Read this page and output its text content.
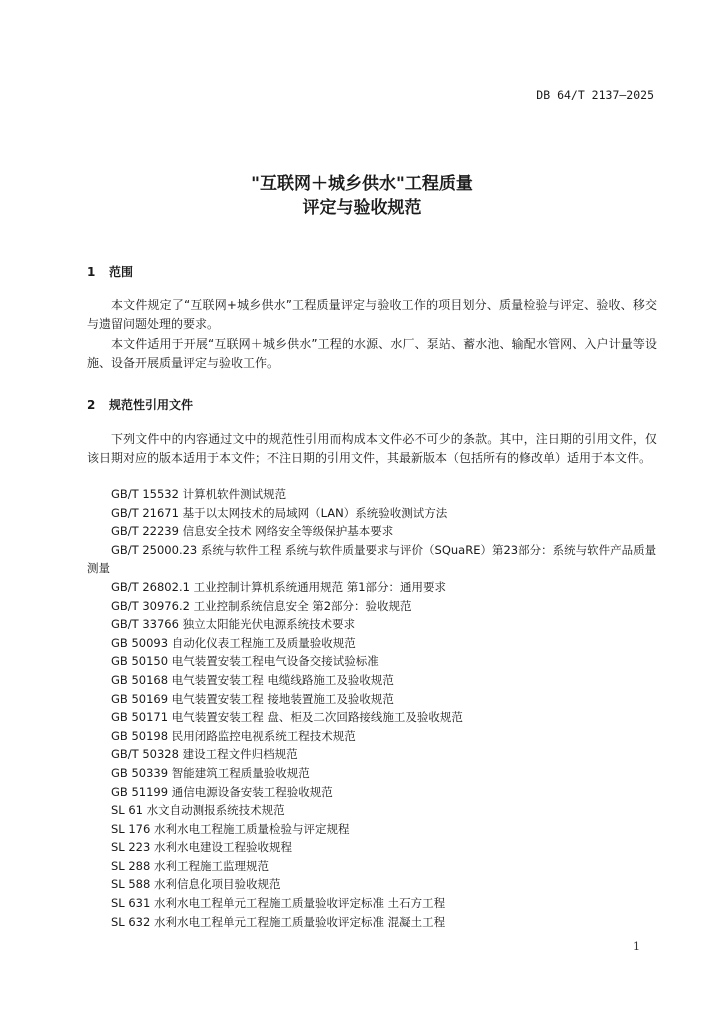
DB 64/T 2137—2025
"互联网＋城乡供水"工程质量
评定与验收规范
1 范围
本文件规定了“互联网+城乡供水”工程质量评定与验收工作的项目划分、质量检验与评定、验收、移交与遗留问题处理的要求。
本文件适用于开展“互联网＋城乡供水”工程的水源、水厂、泵站、蓄水池、输配水管网、入户计量等设施、设备开展质量评定与验收工作。
2 规范性引用文件
下列文件中的内容通过文中的规范性引用而构成本文件必不可少的条款。其中，注日期的引用文件，仅该日期对应的版本适用于本文件；不注日期的引用文件，其最新版本（包括所有的修改单）适用于本文件。
GB/T 15532 计算机软件测试规范
GB/T 21671 基于以太网技术的局域网（LAN）系统验收测试方法
GB/T 22239 信息安全技术 网络安全等级保护基本要求
GB/T 25000.23 系统与软件工程 系统与软件质量要求与评价（SQuaRE）第23部分：系统与软件产品质量测量
GB/T 26802.1 工业控制计算机系统通用规范 第1部分：通用要求
GB/T 30976.2 工业控制系统信息安全 第2部分：验收规范
GB/T 33766 独立太阳能光伏电源系统技术要求
GB 50093 自动化仪表工程施工及质量验收规范
GB 50150 电气装置安装工程电气设备交接试验标准
GB 50168 电气装置安装工程 电缆线路施工及验收规范
GB 50169 电气装置安装工程 接地装置施工及验收规范
GB 50171 电气装置安装工程 盘、柜及二次回路接线施工及验收规范
GB 50198 民用闭路监控电视系统工程技术规范
GB/T 50328 建设工程文件归档规范
GB 50339 智能建筑工程质量验收规范
GB 51199 通信电源设备安装工程验收规范
SL 61 水文自动测报系统技术规范
SL 176 水利水电工程施工质量检验与评定规程
SL 223 水利水电建设工程验收规程
SL 288 水利工程施工监理规范
SL 588 水利信息化项目验收规范
SL 631 水利水电工程单元工程施工质量验收评定标准 土石方工程
SL 632 水利水电工程单元工程施工质量验收评定标准 混凝土工程
1
